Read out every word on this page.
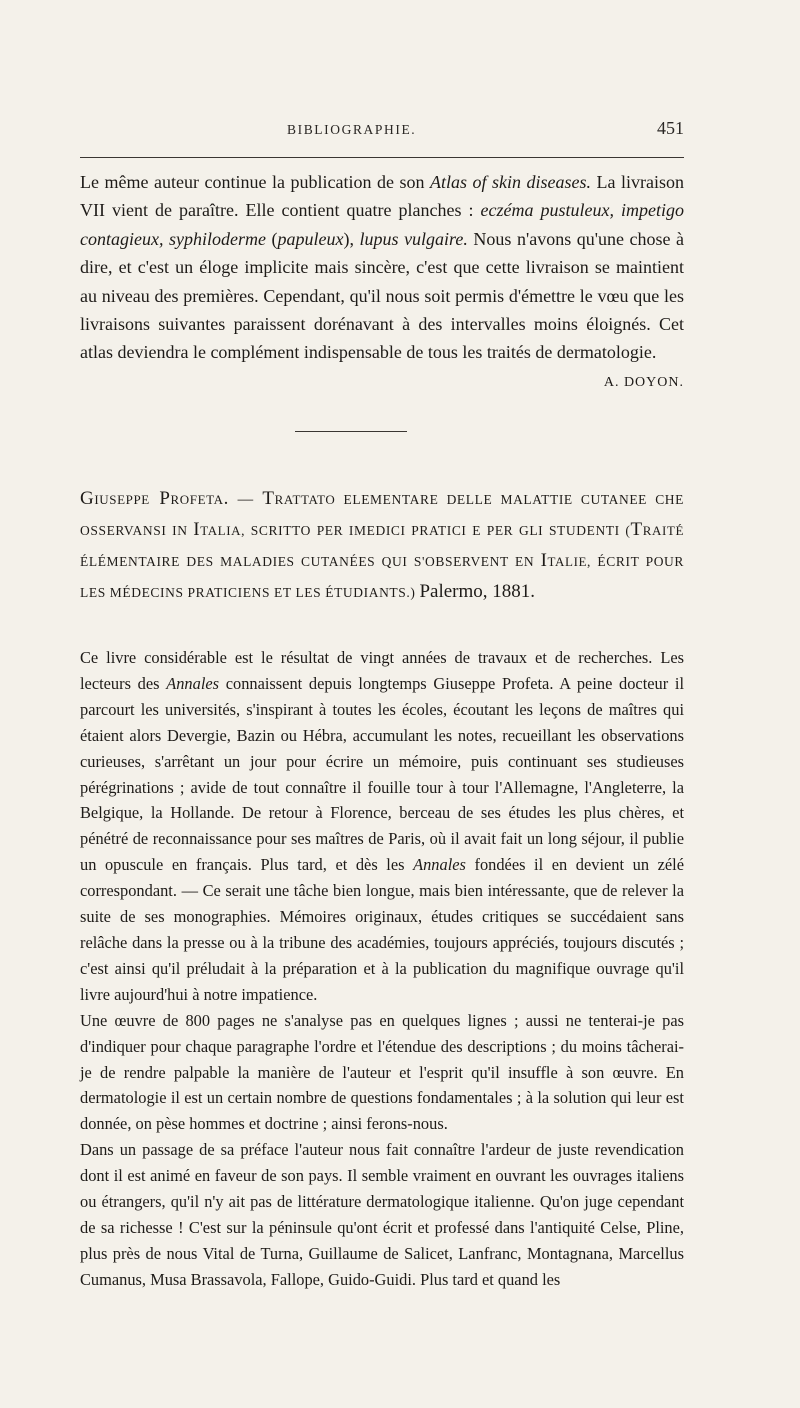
BIBLIOGRAPHIE.	451

Le même auteur continue la publication de son Atlas of skin diseases. La livraison VII vient de paraître. Elle contient quatre planches : eczéma pustuleux, impetigo contagieux, syphiloderme (papuleux), lupus vulgaire. Nous n'avons qu'une chose à dire, et c'est un éloge implicite mais sincère, c'est que cette livraison se maintient au niveau des premières. Cependant, qu'il nous soit permis d'émettre le vœu que les livraisons suivantes paraissent dorénavant à des intervalles moins éloignés. Cet atlas deviendra le complément indispensable de tous les traités de dermatologie.
A. DOYON.

Giuseppe Profeta. — Trattato ELEMENTARE DELLE MALATTIE CUTANEE CHE OSSERVANSI IN Italia, SCRITTO PER IMEDICI PRATICI E PER GLI STUDENTI (Traité ÉLÉMENTAIRE DES MALADIES CUTANÉES QUI S'OBSERVENT EN Italie, ÉCRIT POUR LES MÉDECINS PRATICIENS ET LES ÉTUDIANTS.) Palermo, 1881.

Ce livre considérable est le résultat de vingt années de travaux et de recherches. Les lecteurs des Annales connaissent depuis longtemps Giuseppe Profeta. A peine docteur il parcourt les universités, s'inspirant à toutes les écoles, écoutant les leçons de maîtres qui étaient alors Devergie, Bazin ou Hébra, accumulant les notes, recueillant les observations curieuses, s'arrêtant un jour pour écrire un mémoire, puis continuant ses studieuses pérégrinations ; avide de tout connaître il fouille tour à tour l'Allemagne, l'Angleterre, la Belgique, la Hollande. De retour à Florence, berceau de ses études les plus chères, et pénétré de reconnaissance pour ses maîtres de Paris, où il avait fait un long séjour, il publie un opuscule en français. Plus tard, et dès les Annales fondées il en devient un zélé correspondant. — Ce serait une tâche bien longue, mais bien intéressante, que de relever la suite de ses monographies. Mémoires originaux, études critiques se succédaient sans relâche dans la presse ou à la tribune des académies, toujours appréciés, toujours discutés ; c'est ainsi qu'il préludait à la préparation et à la publication du magnifique ouvrage qu'il livre aujourd'hui à notre impatience.

Une œuvre de 800 pages ne s'analyse pas en quelques lignes ; aussi ne tenterai-je pas d'indiquer pour chaque paragraphe l'ordre et l'étendue des descriptions ; du moins tâcherai-je de rendre palpable la manière de l'auteur et l'esprit qu'il insuffle à son œuvre. En dermatologie il est un certain nombre de questions fondamentales ; à la solution qui leur est donnée, on pèse hommes et doctrine ; ainsi ferons-nous.

Dans un passage de sa préface l'auteur nous fait connaître l'ardeur de juste revendication dont il est animé en faveur de son pays. Il semble vraiment en ouvrant les ouvrages italiens ou étrangers, qu'il n'y ait pas de littérature dermatologique italienne. Qu'on juge cependant de sa richesse ! C'est sur la péninsule qu'ont écrit et professé dans l'antiquité Celse, Pline, plus près de nous Vital de Turna, Guillaume de Salicet, Lanfranc, Montagnana, Marcellus Cumanus, Musa Brassavola, Fallope, Guido-Guidi. Plus tard et quand les
